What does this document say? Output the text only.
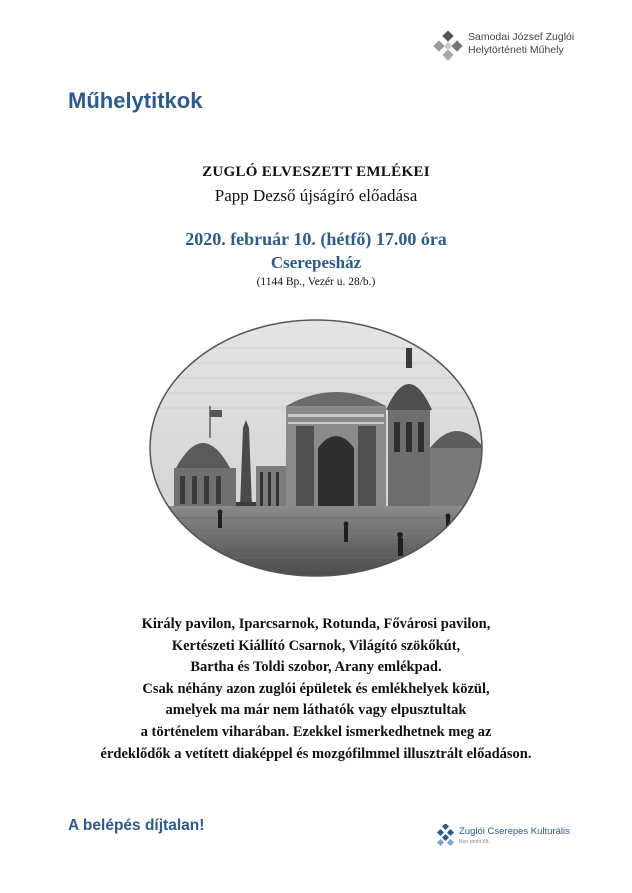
Samodai József Zuglói
Helytörténeti Műhely
Műhelytitkok
ZUGLÓ ELVESZETT EMLÉKEI
Papp Dezső újságíró előadása
2020. február 10. (hétfő) 17.00 óra
Cserepesház
(1144 Bp., Vezér u. 28/b.)
Király pavilon, Iparcsarnok, Rotunda, Fővárosi pavilon,
Kertészeti Kiállító Csarnok, Világító szökőkút,
Bartha és Toldi szobor, Arany emlékpad.
Csak néhány azon zuglói épületek és emlékhelyek közül,
amelyek ma már nem láthatók vagy elpusztultak
a történelem viharában. Ezekkel ismerkedhetnek meg az
érdeklődők a vetített diaképpel és mozgófilmmel illusztrált előadáson.
A belépés díjtalan!	Zuglói Cserepes Kulturális
Non-profit Kft.
